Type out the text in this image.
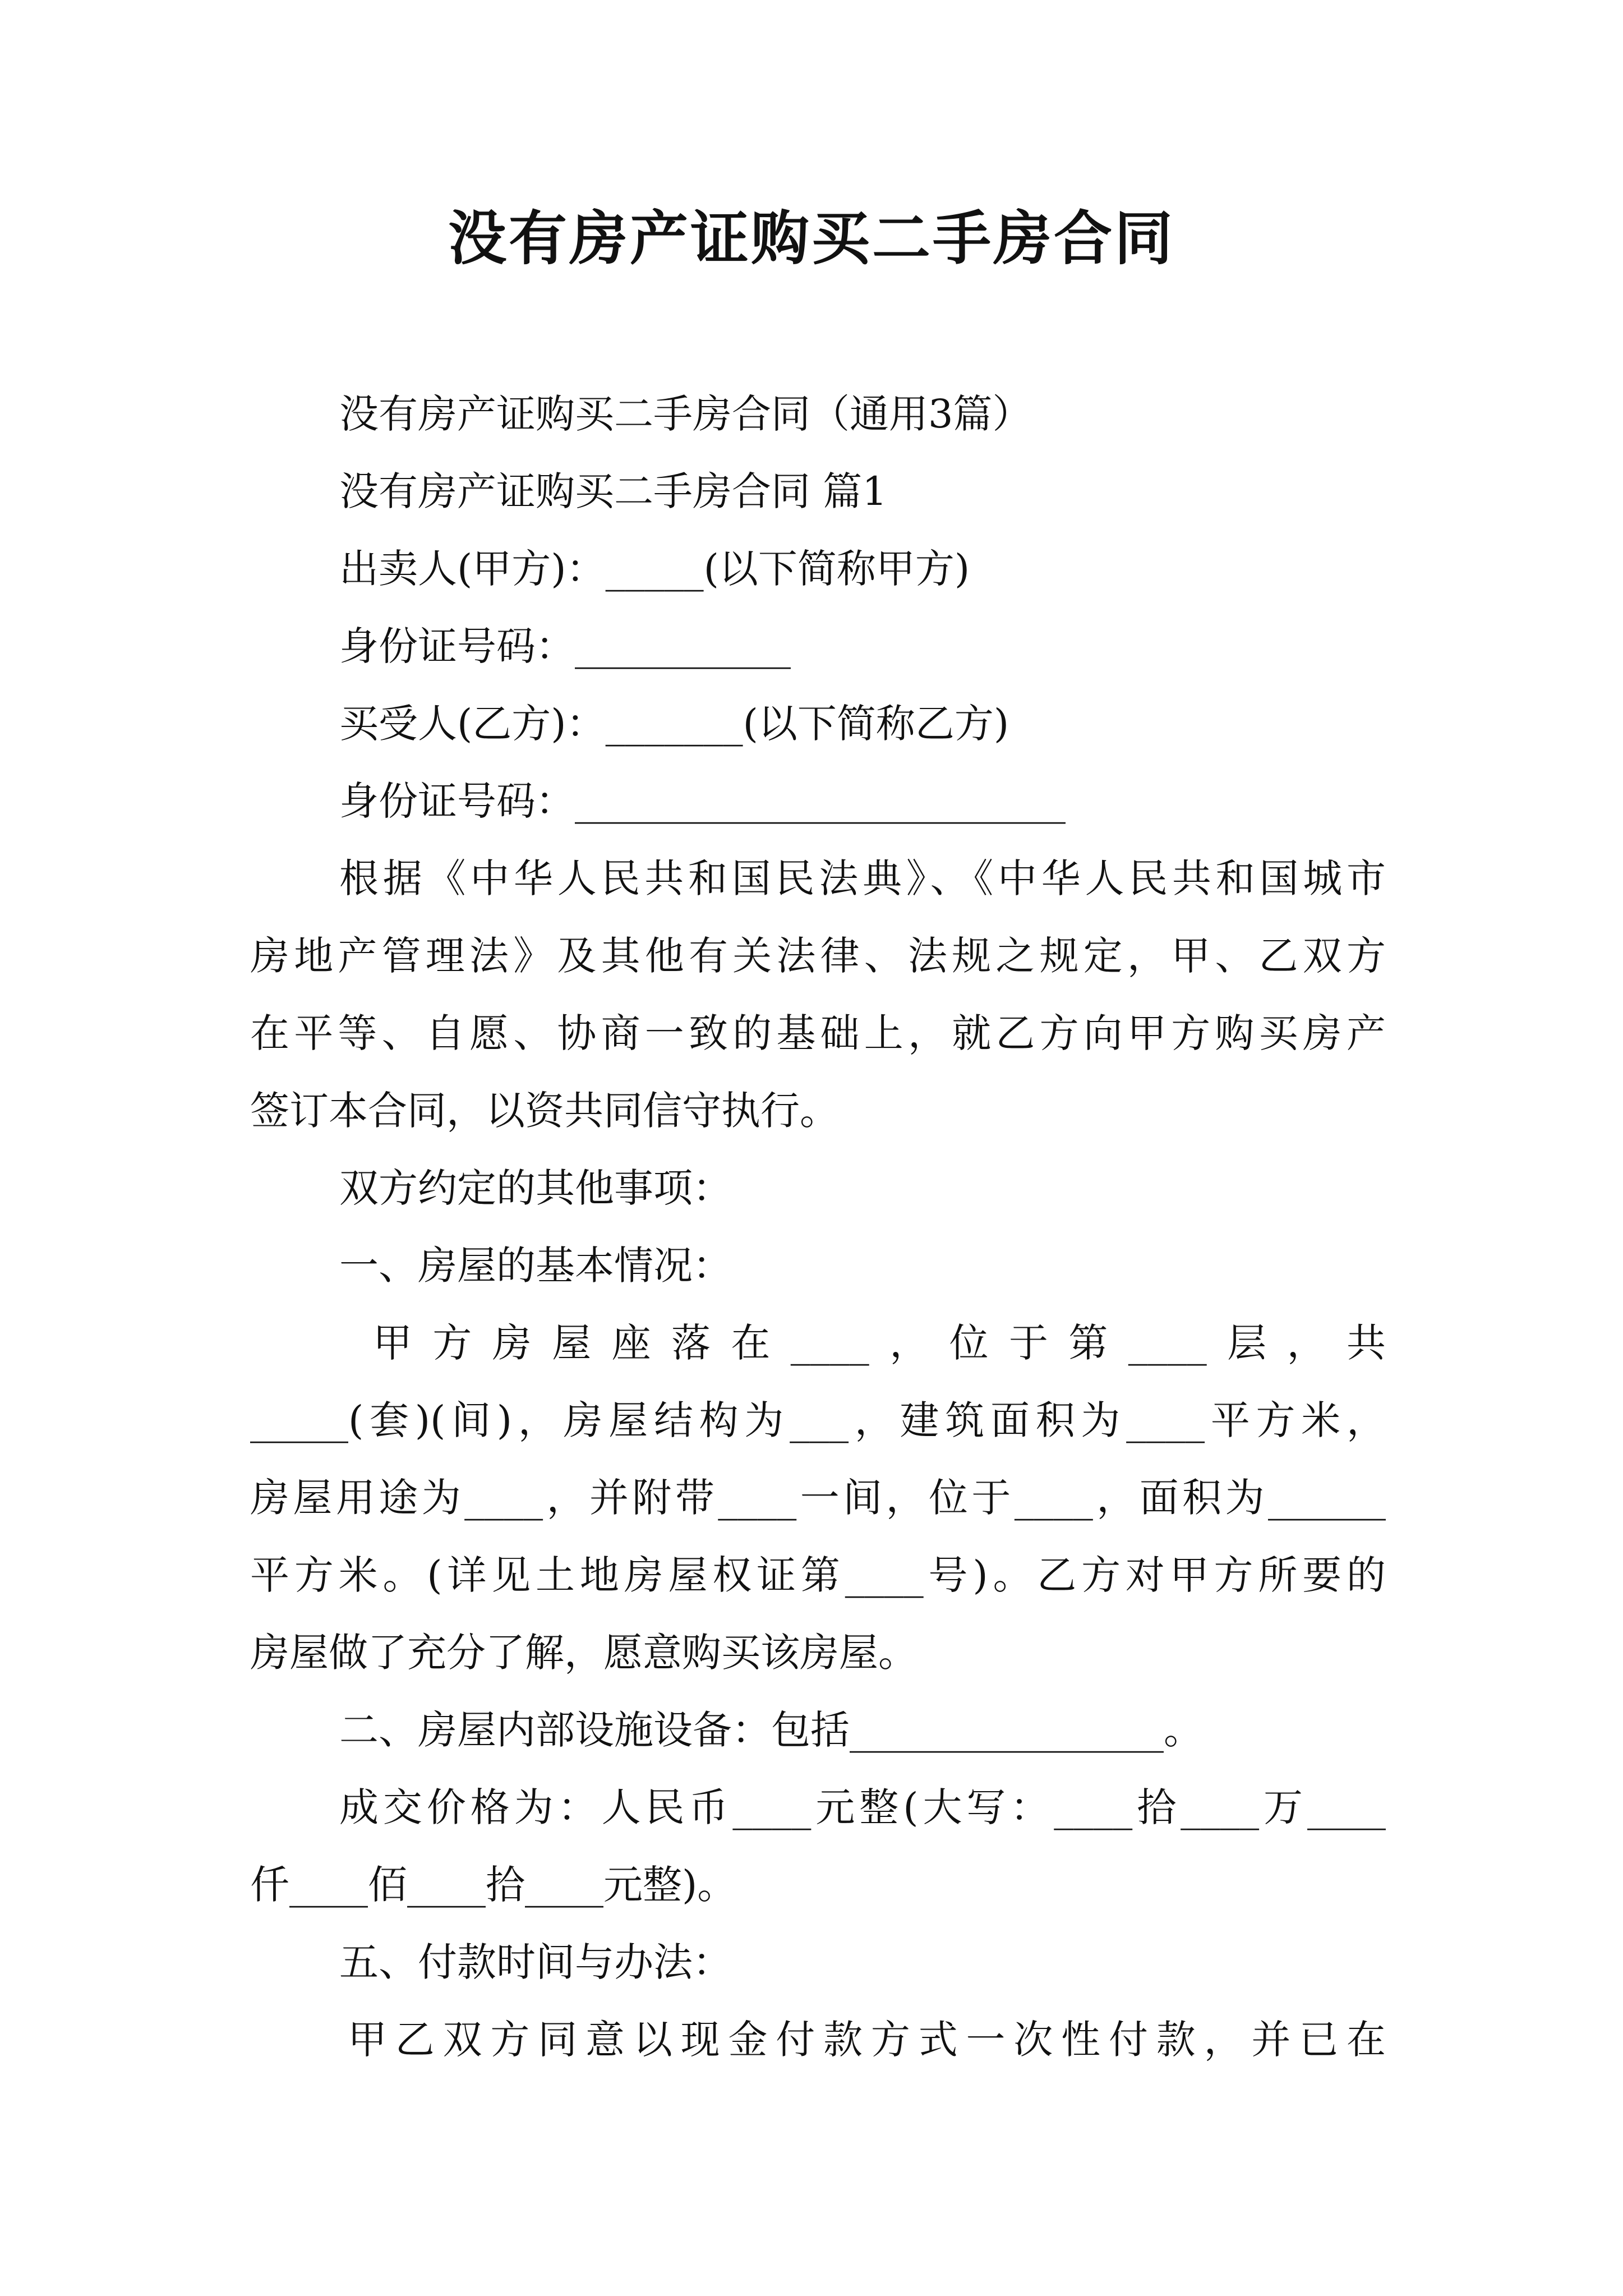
没有房产证购买二手房合同
没有房产证购买二手房合同（通用3篇）
没有房产证购买二手房合同 篇1
出卖人(甲方)：_____(以下简称甲方)
身份证号码：___________
买受人(乙方)：_______(以下简称乙方)
身份证号码：_________________________
根据《中华人民共和国民法典》、《中华人民共和国城市
房地产管理法》及其他有关法律、法规之规定，甲、乙双方
在平等、自愿、协商一致的基础上，就乙方向甲方购买房产
签订本合同，以资共同信守执行。
双方约定的其他事项：
一、房屋的基本情况：
甲方房屋座落在____，位于第____层，共
_____(套)(间)，房屋结构为___，建筑面积为____平方米，
房屋用途为____，并附带____一间，位于____，面积为______
平方米。(详见土地房屋权证第____号)。乙方对甲方所要的
房屋做了充分了解，愿意购买该房屋。
二、房屋内部设施设备：包括________________。
成交价格为：人民币____元整(大写：____拾____万____
仟____佰____拾____元整)。
五、付款时间与办法：
甲乙双方同意以现金付款方式一次性付款，并已在
